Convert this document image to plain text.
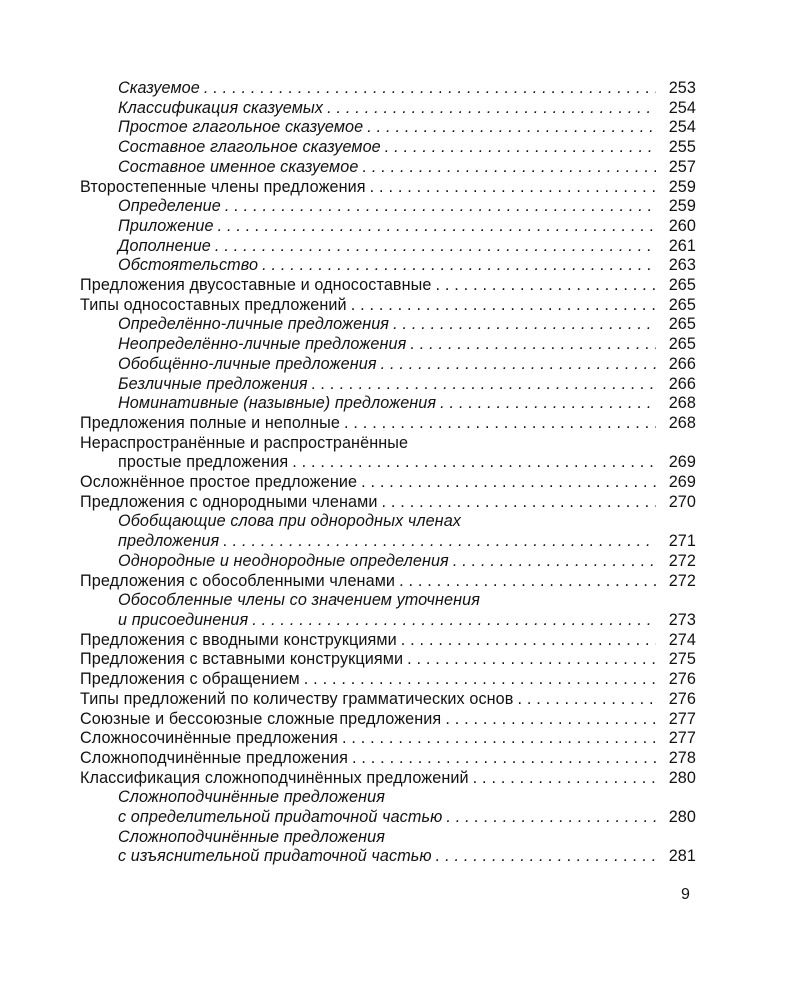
Сказуемое . . .	253
Классификация сказуемых . . .	254
Простое глагольное сказуемое . . .	254
Составное глагольное сказуемое . . .	255
Составное именное сказуемое . . .	257
Второстепенные члены предложения . . .	259
Определение . . .	259
Приложение . . .	260
Дополнение . . .	261
Обстоятельство . . .	263
Предложения двусоставные и односоставные . . .	265
Типы односоставных предложений . . .	265
Определённо-личные предложения . . .	265
Неопределённо-личные предложения . . .	265
Обобщённо-личные предложения . . .	266
Безличные предложения . . .	266
Номинативные (назывные) предложения . . .	268
Предложения полные и неполные . . .	268
Нераспространённые и распространённые
простые предложения . . .	269
Осложнённое простое предложение . . .	269
Предложения с однородными членами . . .	270
Обобщающие слова при однородных членах
предложения . . .	271
Однородные и неоднородные определения . . .	272
Предложения с обособленными членами . . .	272
Обособленные члены со значением уточнения
и присоединения . . .	273
Предложения с вводными конструкциями . . .	274
Предложения с вставными конструкциями . . .	275
Предложения с обращением . . .	276
Типы предложений по количеству грамматических основ . . .	276
Союзные и бессоюзные сложные предложения . . .	277
Сложносочинённые предложения . . .	277
Сложноподчинённые предложения . . .	278
Классификация сложноподчинённых предложений . . .	280
Сложноподчинённые предложения
с определительной придаточной частью . . .	280
Сложноподчинённые предложения
с изъяснительной придаточной частью . . .	281
9
